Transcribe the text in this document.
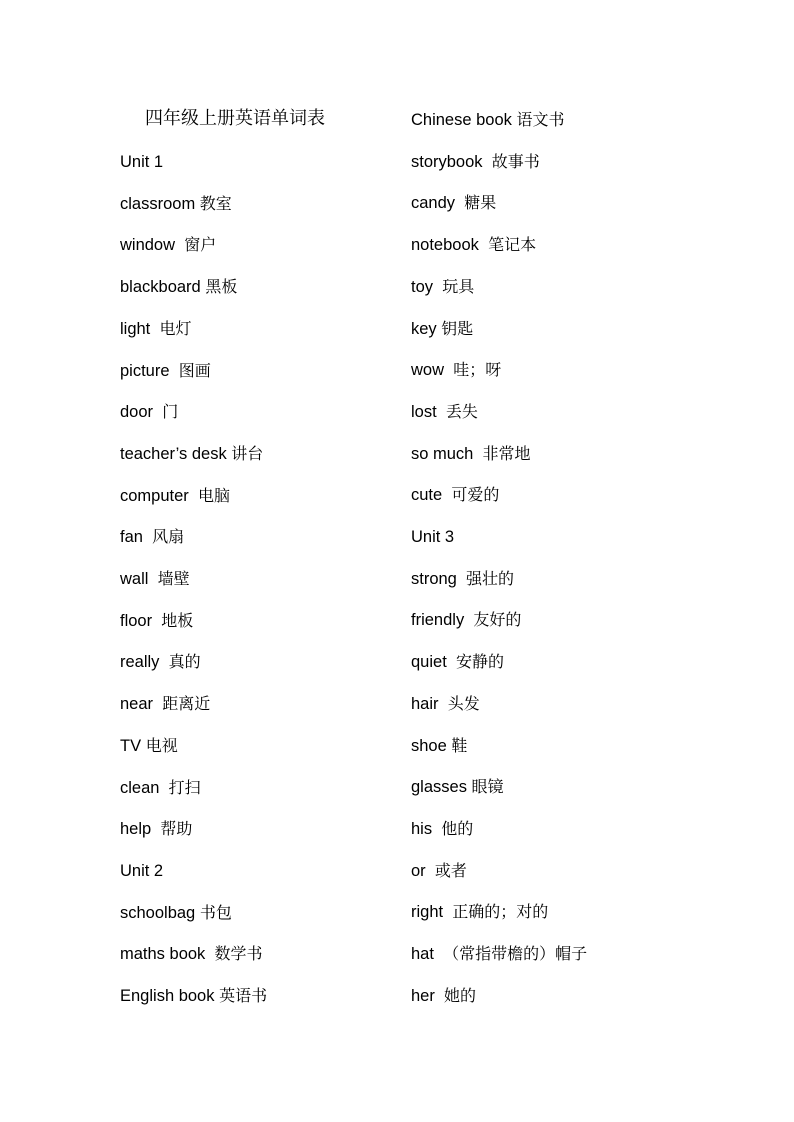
四年级上册英语单词表
Unit 1
classroom 教室
window 窗户
blackboard 黑板
light 电灯
picture 图画
door 门
teacher’s desk 讲台
computer 电脑
fan 风扇
wall 墙壁
floor 地板
really 真的
near 距离近
TV 电视
clean 打扫
help 帮助
Unit 2
schoolbag 书包
maths book 数学书
English book 英语书
Chinese book 语文书
storybook 故事书
candy 糖果
notebook 笔记本
toy 玩具
key 钥匙
wow 哇；呀
lost 丢失
so much 非常地
cute 可爱的
Unit 3
strong 强壮的
friendly 友好的
quiet 安静的
hair 头发
shoe 鞋
glasses 眼镜
his 他的
or 或者
right 正确的；对的
hat （常指带檐的）帽子
her 她的
